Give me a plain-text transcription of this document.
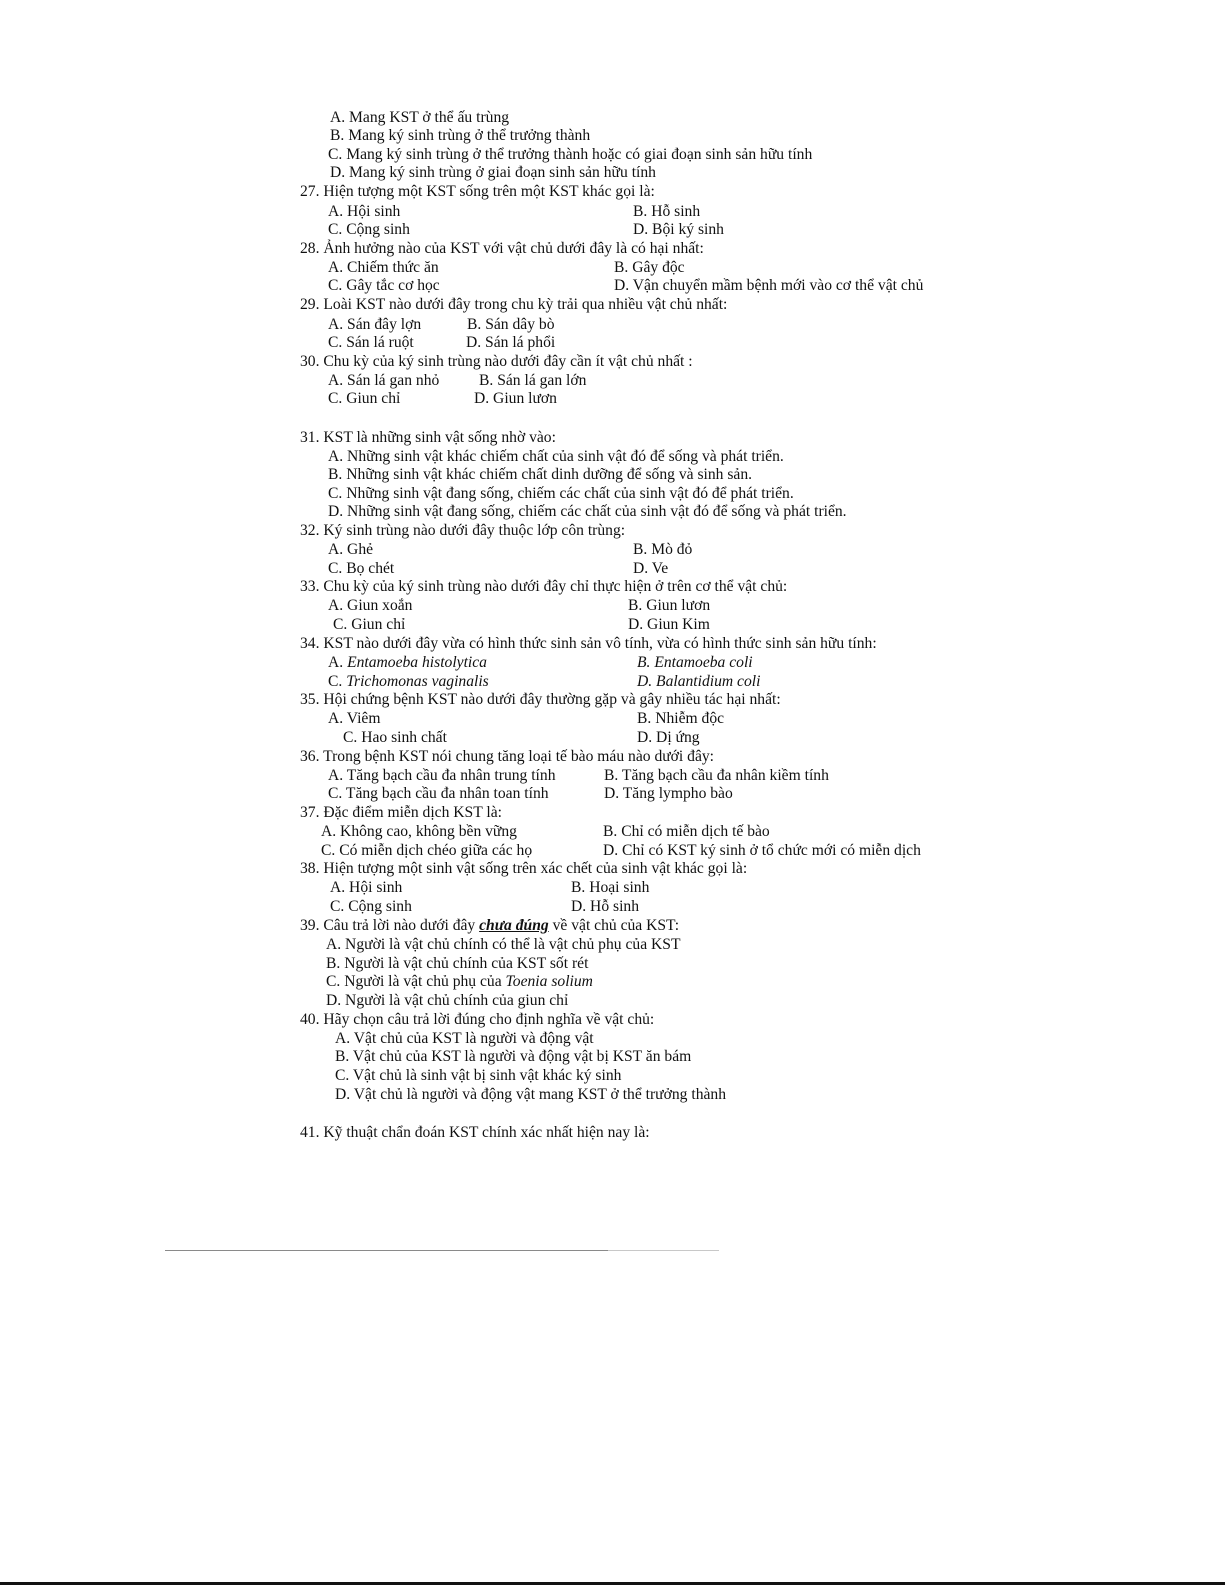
A. Mang KST ở thể ấu trùng
B. Mang ký sinh trùng ở thể trưởng thành
C. Mang ký sinh trùng ở thể trưởng thành hoặc có giai đoạn sinh sản hữu tính
D. Mang ký sinh trùng ở giai đoạn sinh sản hữu tính
27. Hiện tượng một KST sống trên một KST khác gọi là:
A. Hội sinh	B. Hỗ sinh
C. Cộng sinh	D. Bội ký sinh
28. Ảnh hưởng nào của KST với vật chủ dưới đây là có hại nhất:
A. Chiếm thức ăn	B. Gây độc
C. Gây tắc cơ học	D. Vận chuyển mầm bệnh mới vào cơ thể vật chủ
29. Loài KST nào dưới đây trong chu kỳ trải qua nhiều vật chủ nhất:
A. Sán đây lợn	B. Sán dây bò
C. Sán lá ruột	D. Sán lá phổi
30. Chu kỳ của ký sinh trùng nào dưới đây cần ít vật chủ nhất :
A. Sán lá gan nhỏ	B. Sán lá gan lớn
C. Giun chỉ	D. Giun lươn
31. KST là những sinh vật sống nhờ vào:
A. Những sinh vật khác chiếm chất của sinh vật đó để sống và phát triển.
B. Những sinh vật khác chiếm chất dinh dưỡng để sống và sinh sản.
C. Những sinh vật đang sống, chiếm các chất của sinh vật đó để phát triển.
D. Những sinh vật đang sống, chiếm các chất của sinh vật đó để sống và phát triển.
32. Ký sinh trùng nào dưới đây thuộc lớp côn trùng:
A. Ghẻ	B. Mò đỏ
C. Bọ chét	D. Ve
33. Chu kỳ của ký sinh trùng nào dưới đây chỉ thực hiện ở trên cơ thể vật chủ:
A. Giun xoắn	B. Giun lươn
C. Giun chỉ	D. Giun Kim
34. KST nào dưới đây vừa có hình thức sinh sản vô tính, vừa có hình thức sinh sản hữu tính:
A. Entamoeba histolytica	B. Entamoeba coli
C. Trichomonas vaginalis	D. Balantidium coli
35. Hội chứng bệnh KST nào dưới đây thường gặp và gây nhiều tác hại nhất:
A. Viêm	B. Nhiễm độc
C. Hao sinh chất	D. Dị ứng
36. Trong bệnh KST nói chung tăng loại tế bào máu nào dưới đây:
A. Tăng bạch cầu đa nhân trung tính	B. Tăng bạch cầu đa nhân kiềm tính
C. Tăng bạch cầu đa nhân toan tính	D. Tăng lympho bào
37. Đặc điểm miễn dịch KST là:
A. Không cao, không bền vững	B. Chỉ có miễn dịch tế bào
C. Có miễn dịch chéo giữa các họ	D. Chỉ có KST ký sinh ở tổ chức mới có miễn dịch
38. Hiện tượng một sinh vật sống trên xác chết của sinh vật khác gọi là:
A. Hội sinh	B. Hoại sinh
C. Cộng sinh	D. Hỗ sinh
39. Câu trả lời nào dưới đây chưa đúng về vật chủ của KST:
A. Người là vật chủ chính có thể là vật chủ phụ của KST
B. Người là vật chủ chính của KST sốt rét
C. Người là vật chủ phụ của Toenia solium
D. Người là vật chủ chính của giun chỉ
40. Hãy chọn câu trả lời đúng cho định nghĩa về vật chủ:
A. Vật chủ của KST là người và động vật
B. Vật chủ của KST là người và động vật bị KST ăn bám
C. Vật chủ là sinh vật bị sinh vật khác ký sinh
D. Vật chủ là người và động vật mang KST ở thể trưởng thành
41. Kỹ thuật chẩn đoán KST chính xác nhất hiện nay là:
